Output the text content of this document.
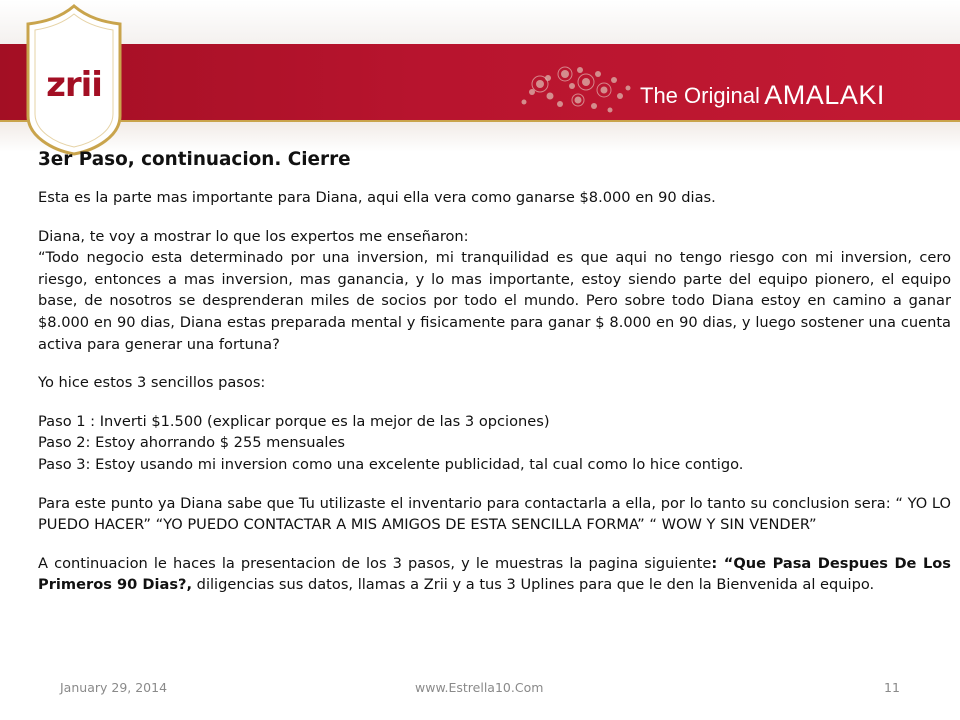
The Original AMALAKI
zrii

3er Paso, continuacion. Cierre

Esta es la parte mas importante para Diana, aqui ella vera como ganarse $8.000 en 90 dias.

Diana, te voy a mostrar lo que los expertos me enseñaron:

“Todo negocio esta determinado por una inversion, mi tranquilidad es que aqui no tengo riesgo con mi inversion, cero riesgo, entonces a mas inversion, mas ganancia, y lo mas importante, estoy siendo parte del equipo pionero, el equipo base, de nosotros se desprenderan miles de socios por todo el mundo. Pero sobre todo Diana estoy en camino a ganar $8.000 en 90 dias, Diana estas preparada mental y fisicamente para ganar $ 8.000 en 90 dias, y luego sostener una cuenta activa para generar una fortuna?

Yo hice estos 3 sencillos pasos:

Paso 1 : Inverti $1.500 (explicar porque es la mejor de las 3 opciones)

Paso 2: Estoy ahorrando $ 255 mensuales

Paso 3: Estoy usando mi inversion como una excelente publicidad, tal cual como lo hice contigo.

Para este punto ya Diana sabe que Tu utilizaste el inventario para contactarla a ella, por lo tanto su conclusion sera: “ YO LO PUEDO HACER” “YO PUEDO CONTACTAR A MIS AMIGOS DE ESTA SENCILLA FORMA” “ WOW Y SIN VENDER”

A continuacion le haces la presentacion de los 3 pasos, y le muestras la pagina siguiente: “Que Pasa Despues De Los Primeros 90 Dias?, diligencias sus datos, llamas a Zrii y a tus 3 Uplines para que le den la Bienvenida al equipo.

January 29, 2014	www.Estrella10.Com	11
